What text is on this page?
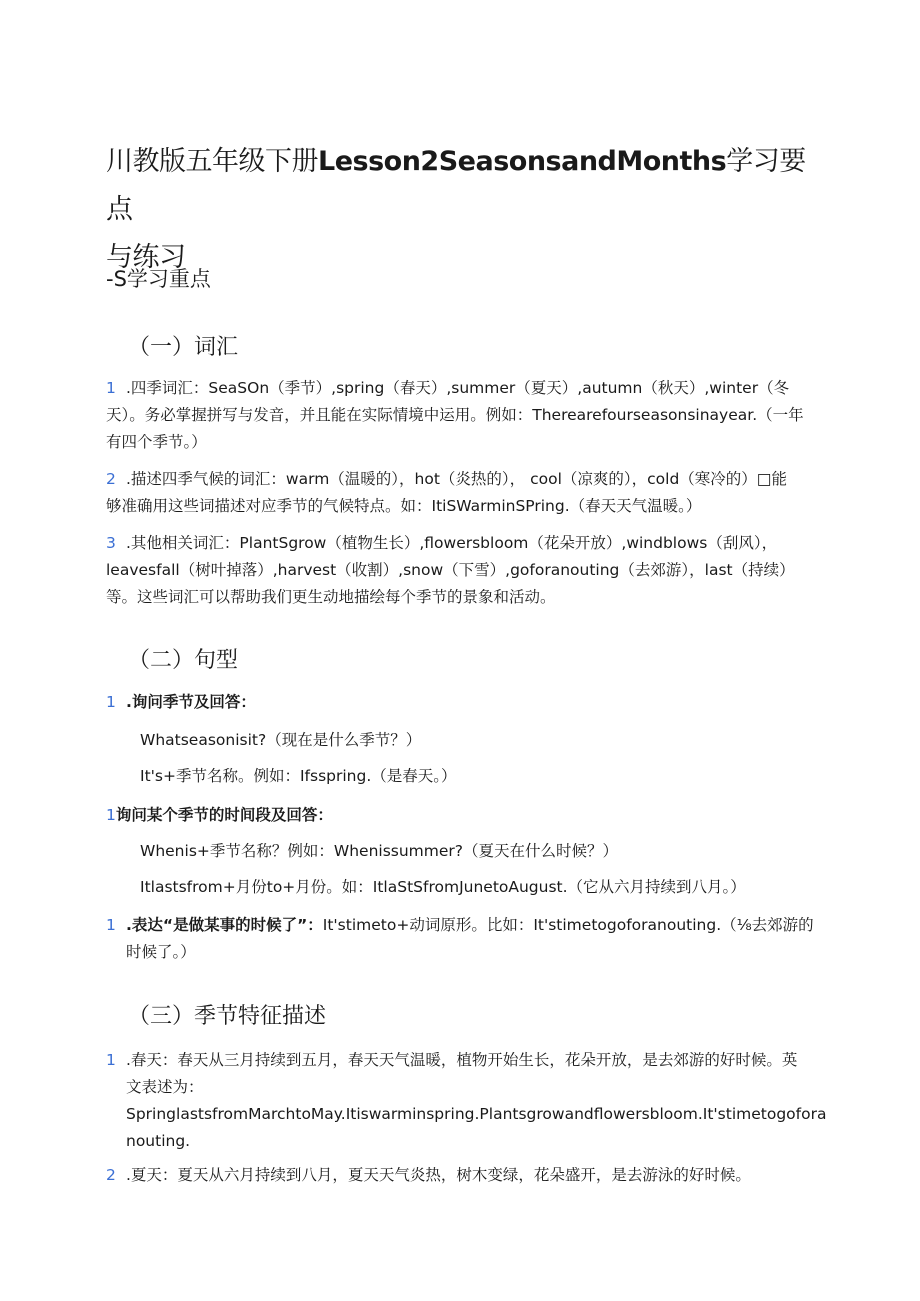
川教版五年级下册Lesson2SeasonsandMonths学习要点
与练习
-S学习重点
（一）词汇
1 .四季词汇：SeaSOn（季节）,spring（春天）,summer（夏天）,autumn（秋天）,winter（冬
天）。务必掌握拼写与发音，并且能在实际情境中运用。例如：Therearefourseasonsinayear.（一年
有四个季节。）
2 .描述四季气候的词汇：warm（温暖的），hot（炎热的）， cool（凉爽的），cold（寒冷的）□能
够准确用这些词描述对应季节的气候特点。如：ItiSWarminSPring.（春天天气温暖。）
3 .其他相关词汇：PlantSgrow（植物生长）,flowersbloom（花朵开放）,windblows（刮风），
leavesfall（树叶掉落）,harvest（收割）,snow（下雪）,goforanouting（去郊游），last（持续）
等。这些词汇可以帮助我们更生动地描绘每个季节的景象和活动。
（二）句型
1 .询问季节及回答：
Whatseasonisit?（现在是什么季节？）
It's+季节名称。例如：Ifsspring.（是春天。）
1询问某个季节的时间段及回答：
Whenis+季节名称？例如：Whenissummer?（夏天在什么时候？）
Itlastsfrom+月份to+月份。如：ItlaStSfromJunetoAugust.（它从六月持续到八月。）
1 .表达“是做某事的时候了”：It'stimeto+动词原形。比如：It'stimetogoforanouting.（⅛去郊游的
时候了。）
（三）季节特征描述
1 .春天：春天从三月持续到五月，春天天气温暖，植物开始生长，花朵开放，是去郊游的好时候。英
文表述为：
SpringlastsfromMarchtoMay.Itiswarminspring.Plantsgrowandflowersbloom.It'stimetogofora
nouting.
2 .夏天：夏天从六月持续到八月，夏天天气炎热，树木变绿，花朵盛开，是去游泳的好时候。
